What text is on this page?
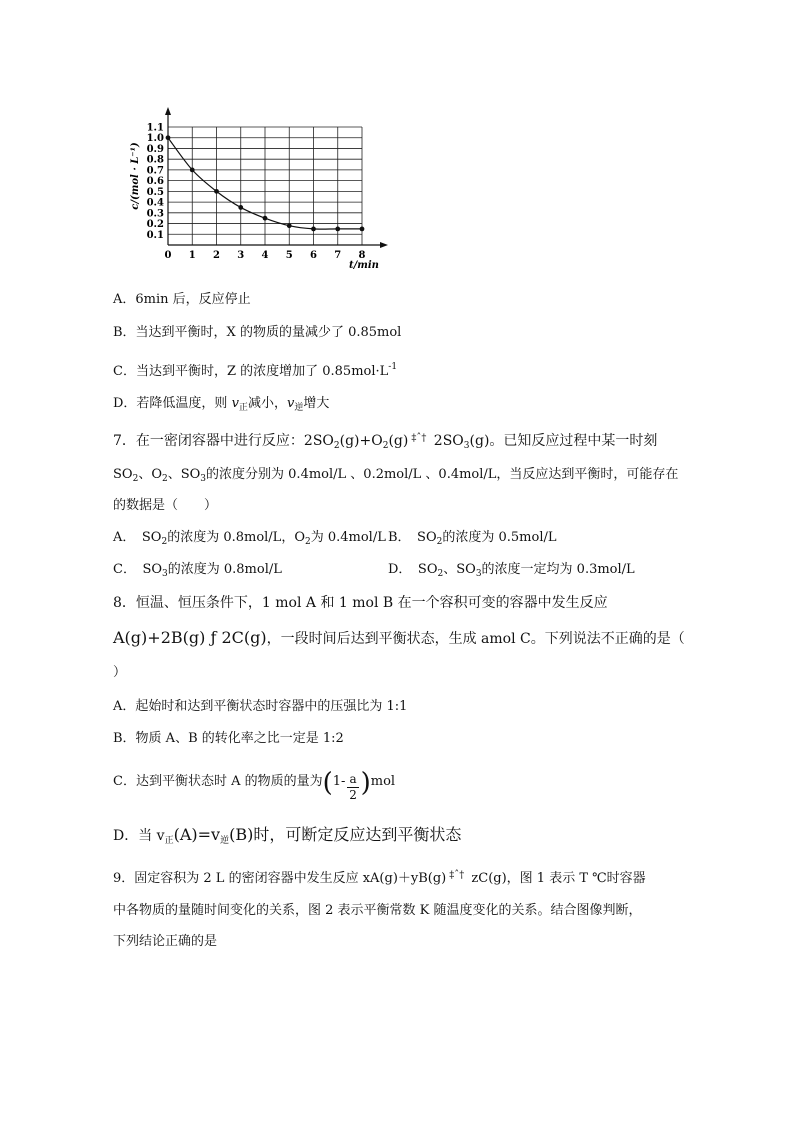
0 1 2 3 4 5 6 7 8
0.1
0.2
0.3
0.4
0.5
0.6
0.7
0.8
0.9
1.0
1.1
c/(mol · L⁻¹)
t/min
A．6min 后，反应停止
B．当达到平衡时，X 的物质的量减少了 0.85mol
C．当达到平衡时，Z 的浓度增加了 $0.85mol\cdot L^{-1}$
D．若降低温度，则 $v_正$减小，$v_逆$增大
7．在一密闭容器中进行反应：$2SO_2(g)+O_2(g)$ $^{\ddagger ˆ\dagger}$ $2SO_3(g)$。已知反应过程中某一时刻
$SO_2$、$O_2$、$SO_3$的浓度分别为 0.4mol/L 、0.2mol/L 、0.4mol/L，当反应达到平衡时，可能存在
的数据是（　　）
A．　$SO_2$的浓度为 0.8mol/L，$O_2$为 0.4mol/L B．　$SO_2$的浓度为 0.5mol/L
C．　$SO_3$的浓度为 0.8mol/L	D．　$SO_2$、$SO_3$的浓度一定均为 0.3mol/L
8．恒温、恒压条件下，1 mol A 和 1 mol B 在一个容积可变的容器中发生反应
A(g)+2B(g) ƒ 2C(g)，一段时间后达到平衡状态，生成 amol C。下列说法不正确的是（
）
A．起始时和达到平衡状态时容器中的压强比为 1:1
B．物质 A、B 的转化率之比一定是 1:2
C．达到平衡状态时 A 的物质的量为$(1- \frac{a}{2} )mol$
D．当 $v_正(A)=v_逆(B)$时，可断定反应达到平衡状态
9．固定容积为 2 L 的密闭容器中发生反应 xA(g)＋yB(g) $^{\ddagger ˆ\dagger}$ zC(g)，图 1 表示 T ℃时容器
中各物质的量随时间变化的关系，图 2 表示平衡常数 K 随温度变化的关系。结合图像判断，
下列结论正确的是
